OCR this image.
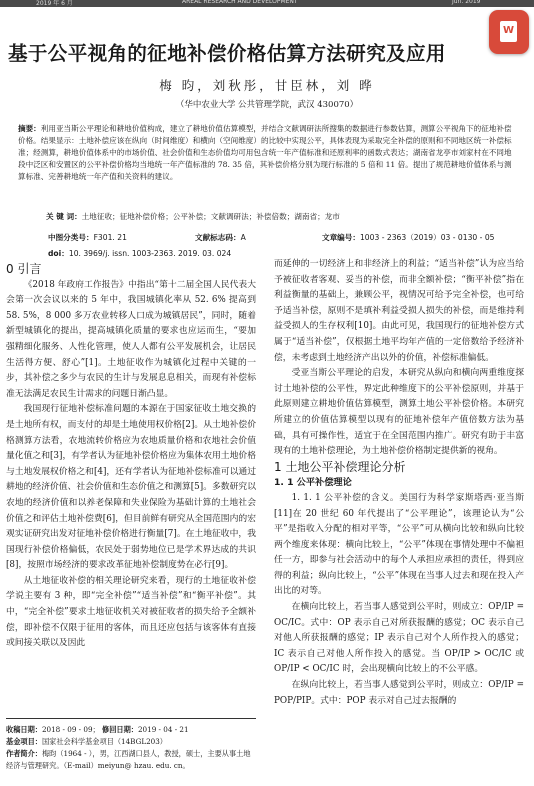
2019 年 6 月	AREAL RESEARCH AND DEVELOPMENT	Jun. 2019
W
基于公平视角的征地补偿价格估算方法研究及应用
梅 昀，刘秋彤，甘臣林，刘 晔
（华中农业大学 公共管理学院，武汉 430070）
摘要：利用亚当斯公平理论和耕地价值构成，建立了耕地价值估算模型，并结合文献调研法所搜集的数据进行参数估算，测算公平视角下的征地补偿价格。结果显示：土地补偿应该在纵向（时间维度）和横向（空间维度）的比较中实现公平，具体表现为采取完全补偿的原则和不同地区统一补偿标准；经测算，耕地价值体系中的市场价值、社会价值和生态价值均可用包含统一年产值标准和还原利率的函数式表达；湖南省龙亭市刘家村在不同地段中泛区和安置区的公平补偿价格均当地统一年产值标准的 78. 35 倍，其补偿价格分别为现行标准的 5 倍和 11 倍。提出了规范耕地价值体系与测算标准、完善耕地统一年产值和关资料的建议。
关 键 词：土地征收；征地补偿价格；公平补偿；文献调研法；补偿倍数；湖南省；龙市
中图分类号：F301. 21	文献标志码：A	文章编号：1003 - 2363（2019）03 - 0130 - 05
doi：10. 3969/j. issn. 1003-2363. 2019. 03. 024

0 引言

《2018 年政府工作报告》中指出“第十二届全国人民代表大会第一次会议以来的 5 年中，我国城镇化率从 52. 6% 提高到 58. 5%，8 000 多万农业转移人口成为城镇居民”，同时，随着新型城镇化的提出，提高城镇化质量的要求也应运而生，“要加强精细化服务、人性化管理，使人人都有公平发展机会，让居民生活得方便、舒心”[1]。土地征收作为城镇化过程中关键的一步，其补偿之多少与农民的生计与发展息息相关，而现有补偿标准无法满足农民生计需求的问题日渐凸显。

我国现行征地补偿标准问题的本源在于国家征收土地交换的是土地所有权，而支付的却是土地使用权价格[2]。从土地补偿价格测算方法看，农地流转价格应为农地质量价格和农地社会价值量化值之和[3]，有学者认为征地补偿价格应为集体农用土地价格与土地发展权价格之和[4]，还有学者认为征地补偿标准可以通过耕地的经济价值、社会价值和生态价值之和测算[5]。多数研究以农地的经济价值和以养老保障和失业保险为基础计算的土地社会价值之和评估土地补偿费[6]，但目前鲜有研究从全国范围内的宏观实证研究出发对征地补偿价格进行衡量[7]。在土地征收中，我国现行补偿价格偏低，农民处于弱势地位已是学术界达成的共识[8]，按照市场经济的要求改革征地补偿制度势在必行[9]。

从土地征收补偿的相关理论研究来看，现行的土地征收补偿学说主要有 3 种，即“完全补偿”“适当补偿”和“衡平补偿”。其中，“完全补偿”要求土地征收机关对被征收者的损失给予全额补偿，即补偿不仅限于征用的客体，而且还应包括与该客体有直接或间接关联以及因此

收稿日期：2018 - 09 - 09； 修回日期：2019 - 04 - 21
基金项目：国家社会科学基金项目（14BGL203）
作者简介：梅昀（1964 - ），男，江西湖口县人，教授，硕士，主要从事土地经济与管理研究。（E-mail）meiyun@ hzau. edu. cn。

而延伸的一切经济上和非经济上的利益；“适当补偿”认为应当给予被征收者客观、妥当的补偿，而非全额补偿；“衡平补偿”指在利益衡量的基础上，兼顾公平，视情况可给予完全补偿，也可给予适当补偿，原则不是填补利益受损人损失的补偿，而是维持利益受损人的生存权利[10]。由此可见，我国现行的征地补偿方式属于“适当补偿”，仅根据土地平均年产值的一定倍数给予经济补偿，未考虑到土地经济产出以外的价值，补偿标准偏低。

受亚当斯公平理论的启发，本研究从纵向和横向两重维度探讨土地补偿的公平性，界定此种维度下的公平补偿原则，并基于此原则建立耕地价值估算模型，测算土地公平补偿价格。本研究所建立的价值估算模型以现有的征地补偿年产值倍数方法为基础，具有可操作性，适宜于在全国范围内推广。研究有助于丰富现有的土地补偿理论，为土地补偿价格制定提供新的视角。

1 土地公平补偿理论分析

1. 1 公平补偿理论

1. 1. 1 公平补偿的含义。美国行为科学家斯塔西·亚当斯[11]在 20 世纪 60 年代提出了“公平理论”，该理论认为“公平”是指收入分配的相对平等，“公平”可从横向比较和纵向比较两个维度来体现：横向比较上，“公平”体现在事情处理中不偏袒任一方，即参与社会活动中的每个人承担应承担的责任，得到应得的利益；纵向比较上，“公平”体现在当事人过去和现在投入产出比的对等。

在横向比较上，若当事人感觉到公平时，则成立：OP/IP = OC/IC。式中：OP 表示自己对所获报酬的感觉；OC 表示自己对他人所获报酬的感觉；IP 表示自己对个人所作投入的感觉；IC 表示自己对他人所作投入的感觉。当 OP/IP > OC/IC 或 OP/IP < OC/IC 时，会出现横向比较上的不公平感。

在纵向比较上，若当事人感觉到公平时，则成立：OP/IP = POP/PIP。式中：POP 表示对自己过去报酬的
